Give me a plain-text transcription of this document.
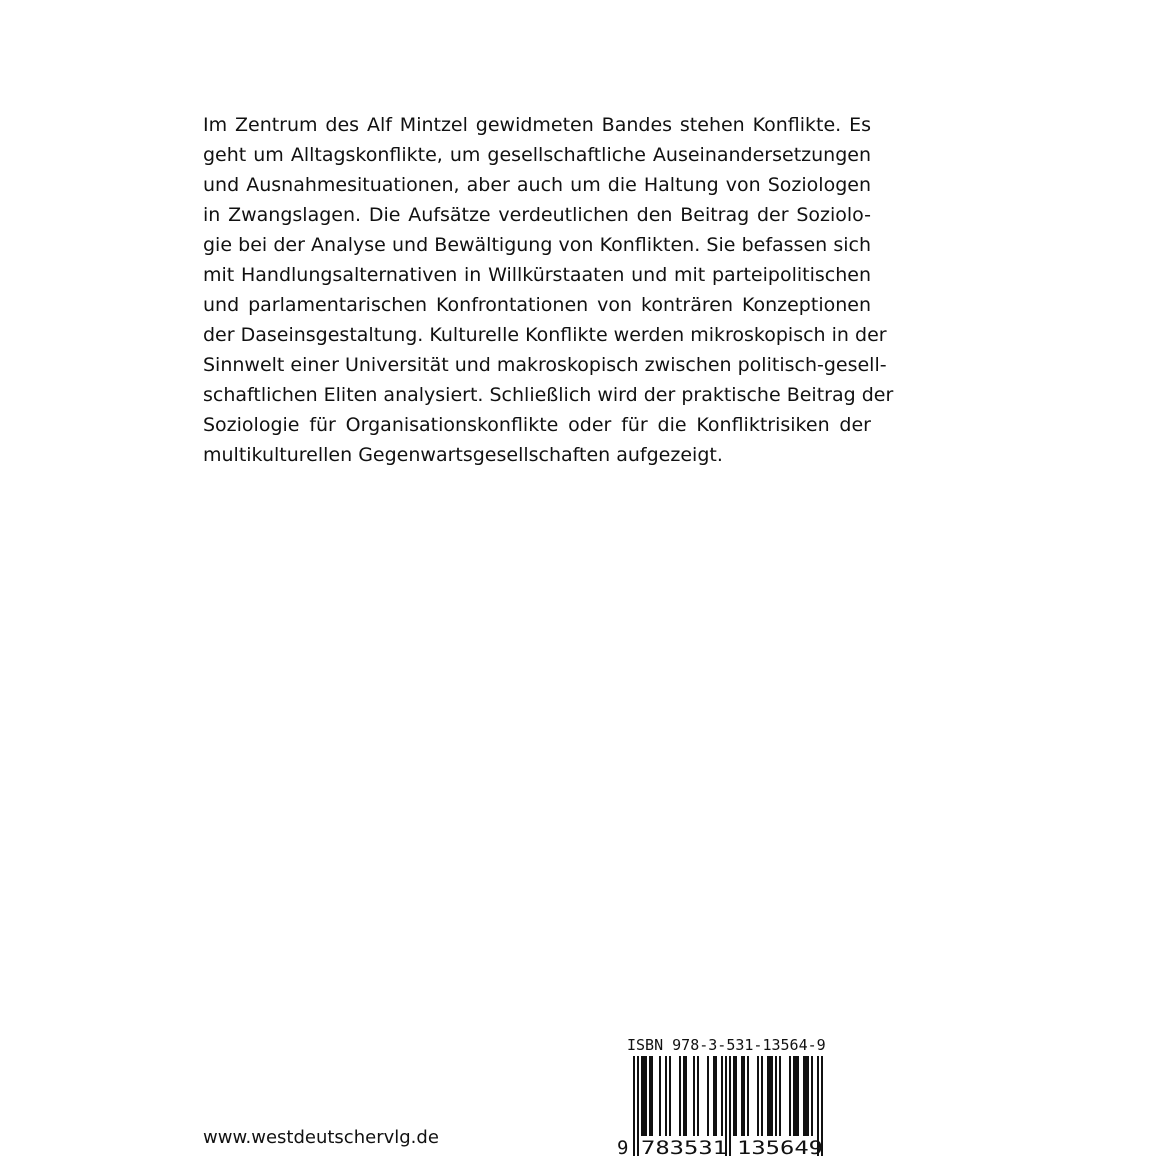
Im Zentrum des Alf Mintzel gewidmeten Bandes stehen Konflikte. Es
geht um Alltagskonflikte, um gesellschaftliche Auseinandersetzungen
und Ausnahmesituationen, aber auch um die Haltung von Soziologen
in Zwangslagen. Die Aufsätze verdeutlichen den Beitrag der Soziolo-
gie bei der Analyse und Bewältigung von Konflikten. Sie befassen sich
mit Handlungsalternativen in Willkürstaaten und mit parteipolitischen
und parlamentarischen Konfrontationen von konträren Konzeptionen
der Daseinsgestaltung. Kulturelle Konflikte werden mikroskopisch in der
Sinnwelt einer Universität und makroskopisch zwischen politisch-gesell-
schaftlichen Eliten analysiert. Schließlich wird der praktische Beitrag der
Soziologie für Organisationskonflikte oder für die Konfliktrisiken der
multikulturellen Gegenwartsgesellschaften aufgezeigt.
www.westdeutschervlg.de
ISBN 978-3-531-13564-9
9 783531 135649
